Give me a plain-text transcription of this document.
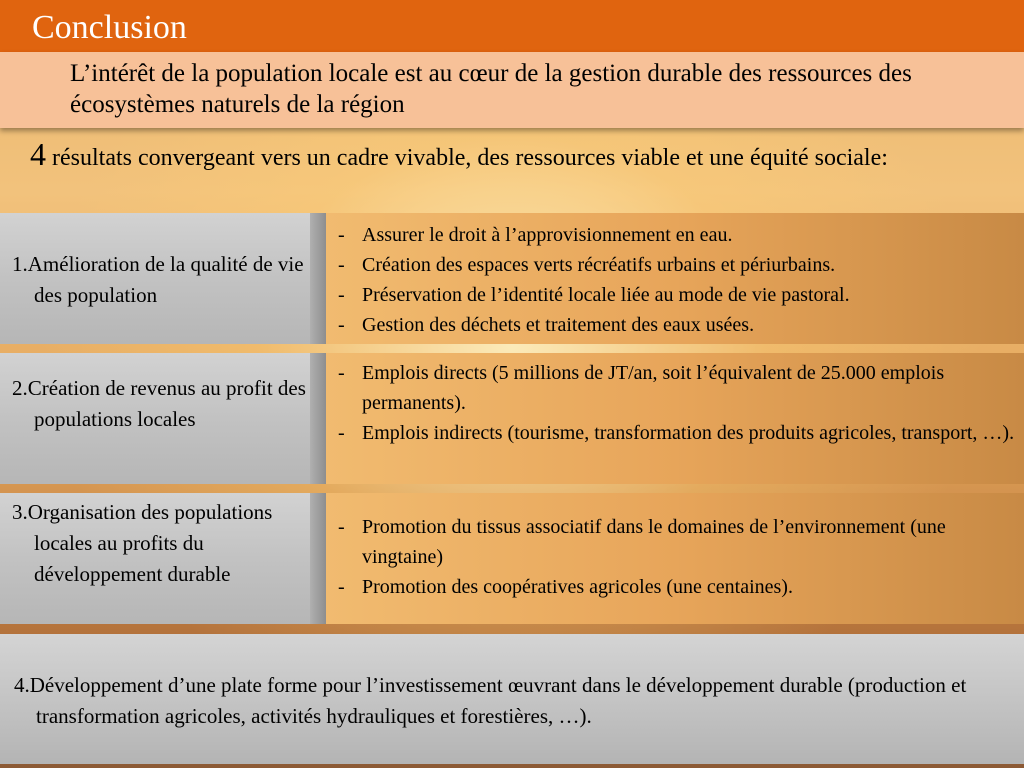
Conclusion
L’intérêt de la population locale est au cœur de la gestion durable des ressources des écosystèmes naturels de la région
4 résultats convergeant vers un cadre vivable, des ressources viable et une équité sociale:
1.Amélioration de la qualité de vie des population
- Assurer le droit à l’approvisionnement en eau.
- Création des espaces verts récréatifs urbains et périurbains.
- Préservation de l’identité locale liée au mode de vie pastoral.
- Gestion des déchets et traitement des eaux usées.
2.Création de revenus au profit des populations locales
- Emplois directs (5 millions de JT/an, soit l’équivalent de 25.000 emplois permanents).
- Emplois indirects (tourisme, transformation des produits agricoles, transport, …).
3.Organisation des populations locales au profits du développement durable
- Promotion du tissus associatif dans le domaines de l’environnement (une vingtaine)
- Promotion des coopératives agricoles (une centaines).
4.Développement d’une plate forme pour l’investissement œuvrant dans le développement durable (production et transformation agricoles, activités hydrauliques et forestières, …).
